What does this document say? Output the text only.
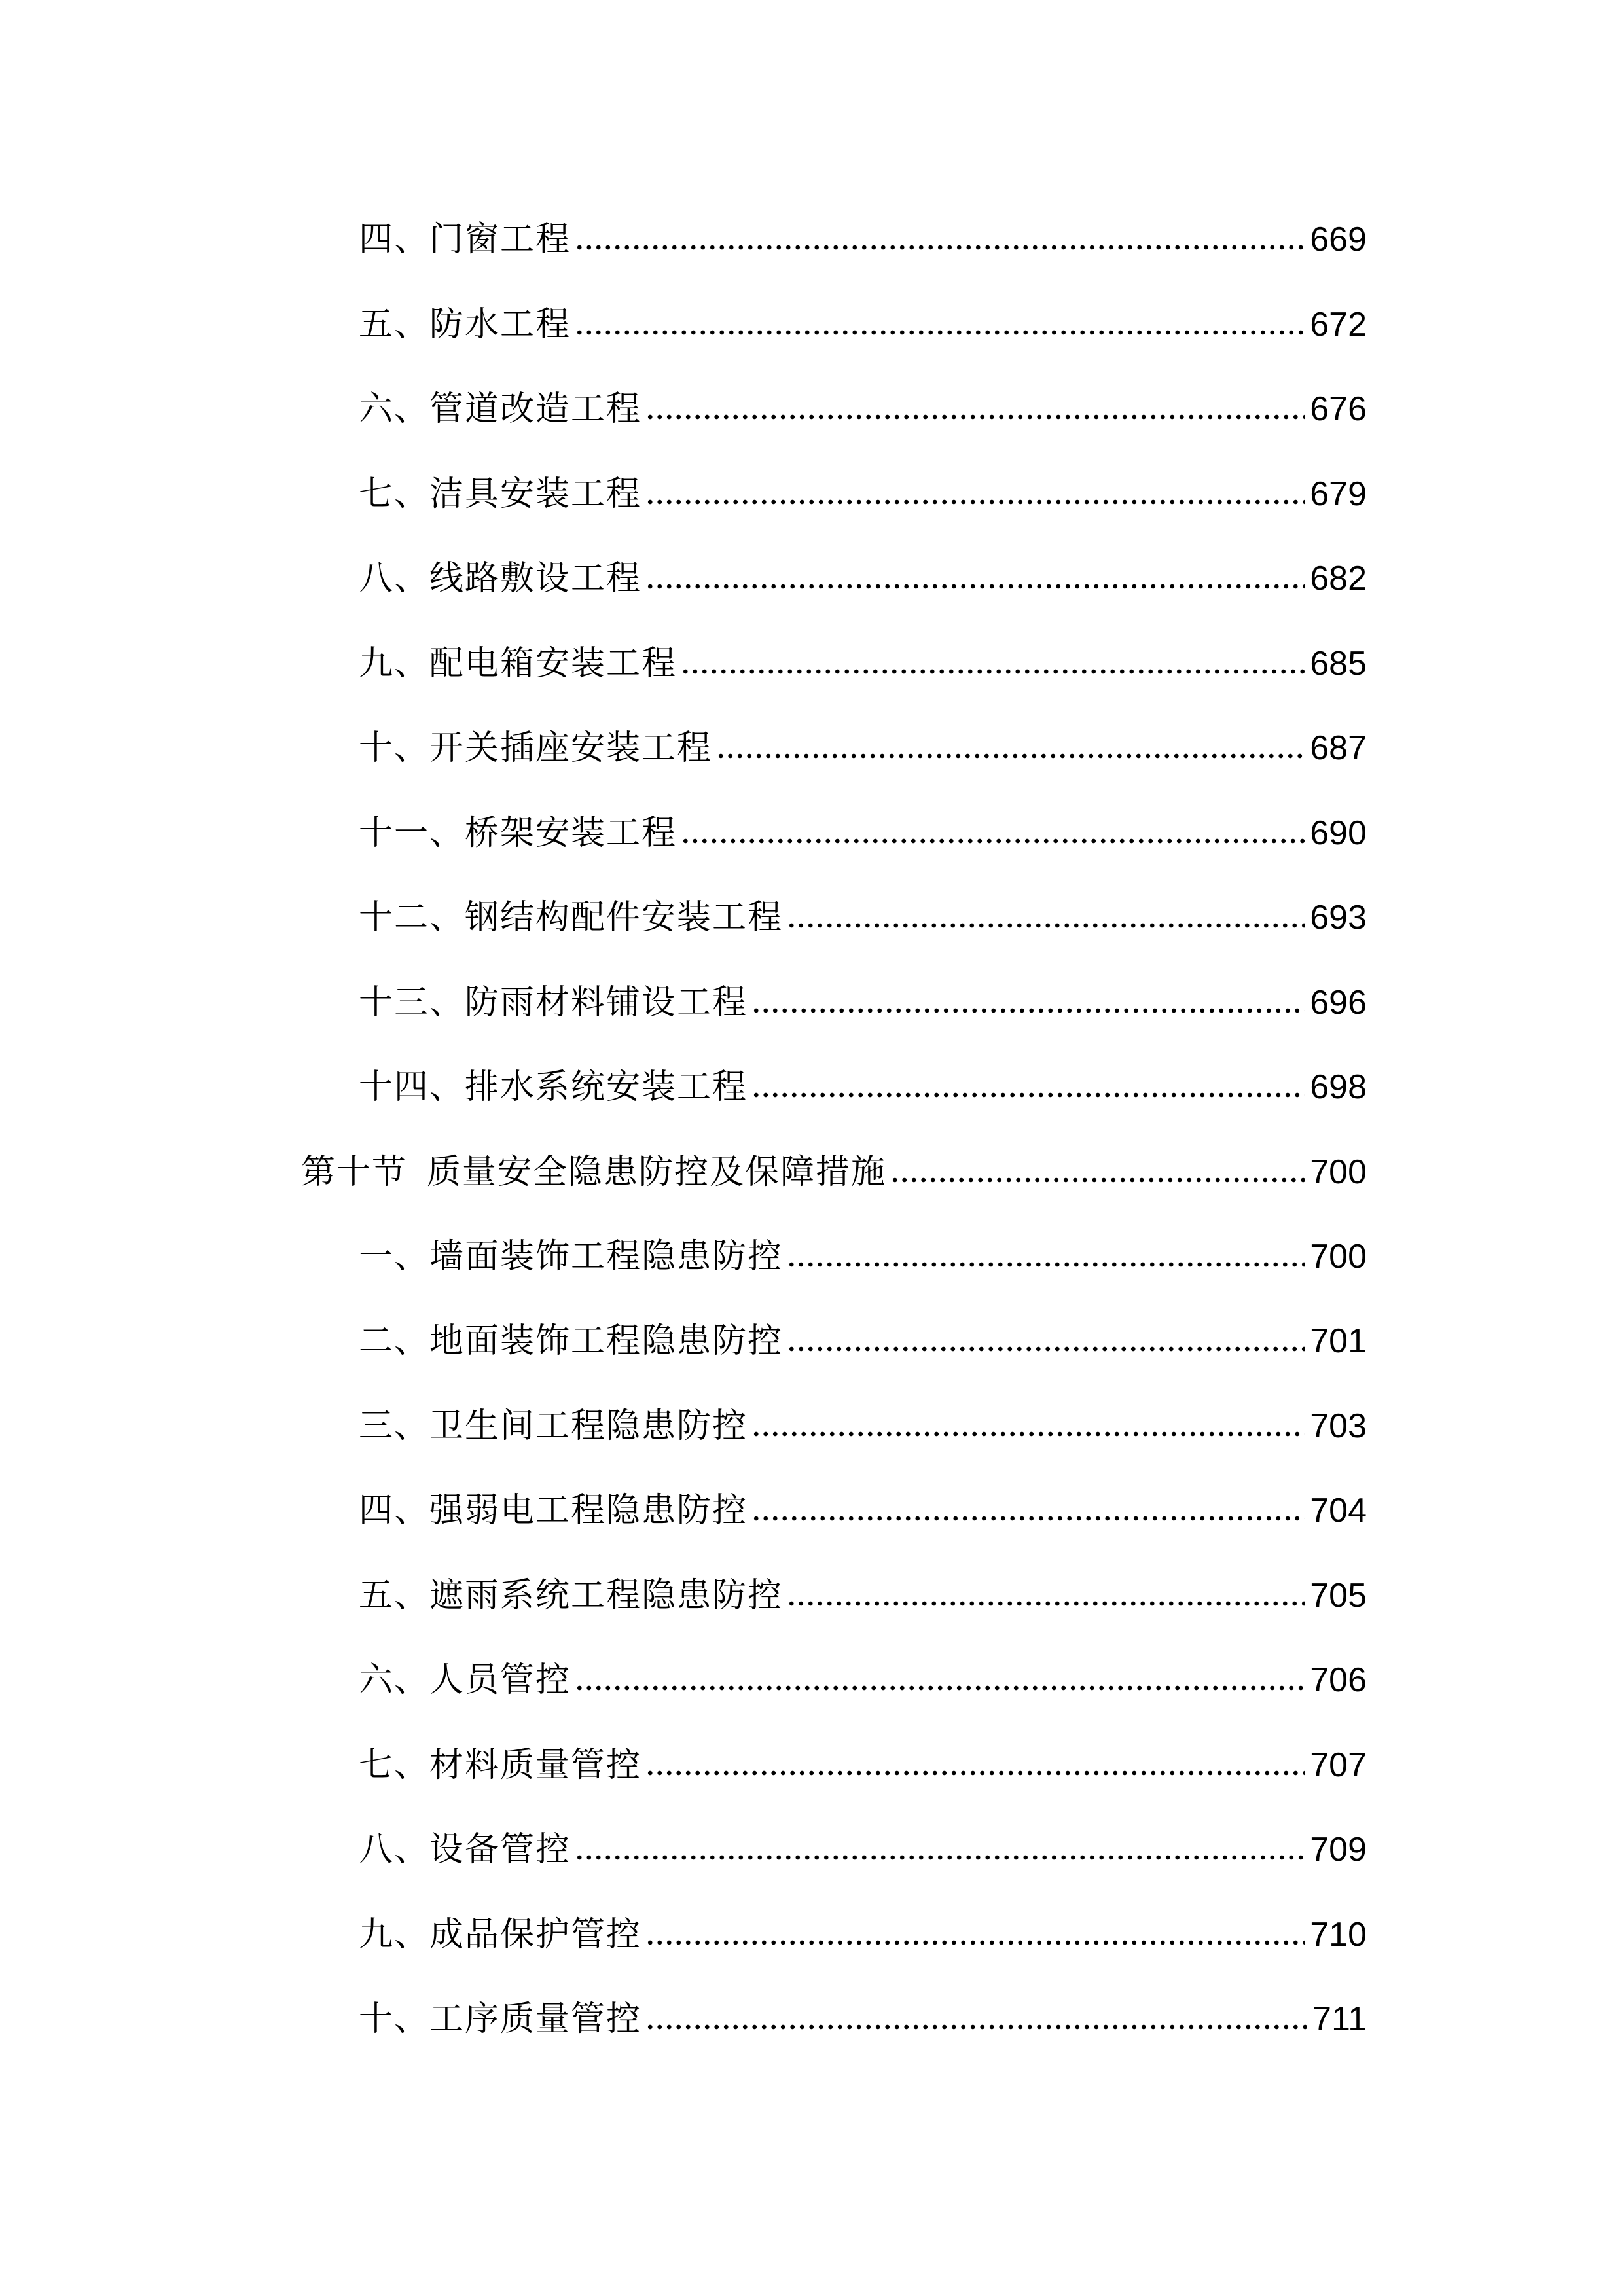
四、门窗工程	669
五、防水工程	672
六、管道改造工程	676
七、洁具安装工程	679
八、线路敷设工程	682
九、配电箱安装工程	685
十、开关插座安装工程	687
十一、桥架安装工程	690
十二、钢结构配件安装工程	693
十三、防雨材料铺设工程	696
十四、排水系统安装工程	698
第十节 质量安全隐患防控及保障措施	700
一、墙面装饰工程隐患防控	700
二、地面装饰工程隐患防控	701
三、卫生间工程隐患防控	703
四、强弱电工程隐患防控	704
五、遮雨系统工程隐患防控	705
六、人员管控	706
七、材料质量管控	707
八、设备管控	709
九、成品保护管控	710
十、工序质量管控	711
